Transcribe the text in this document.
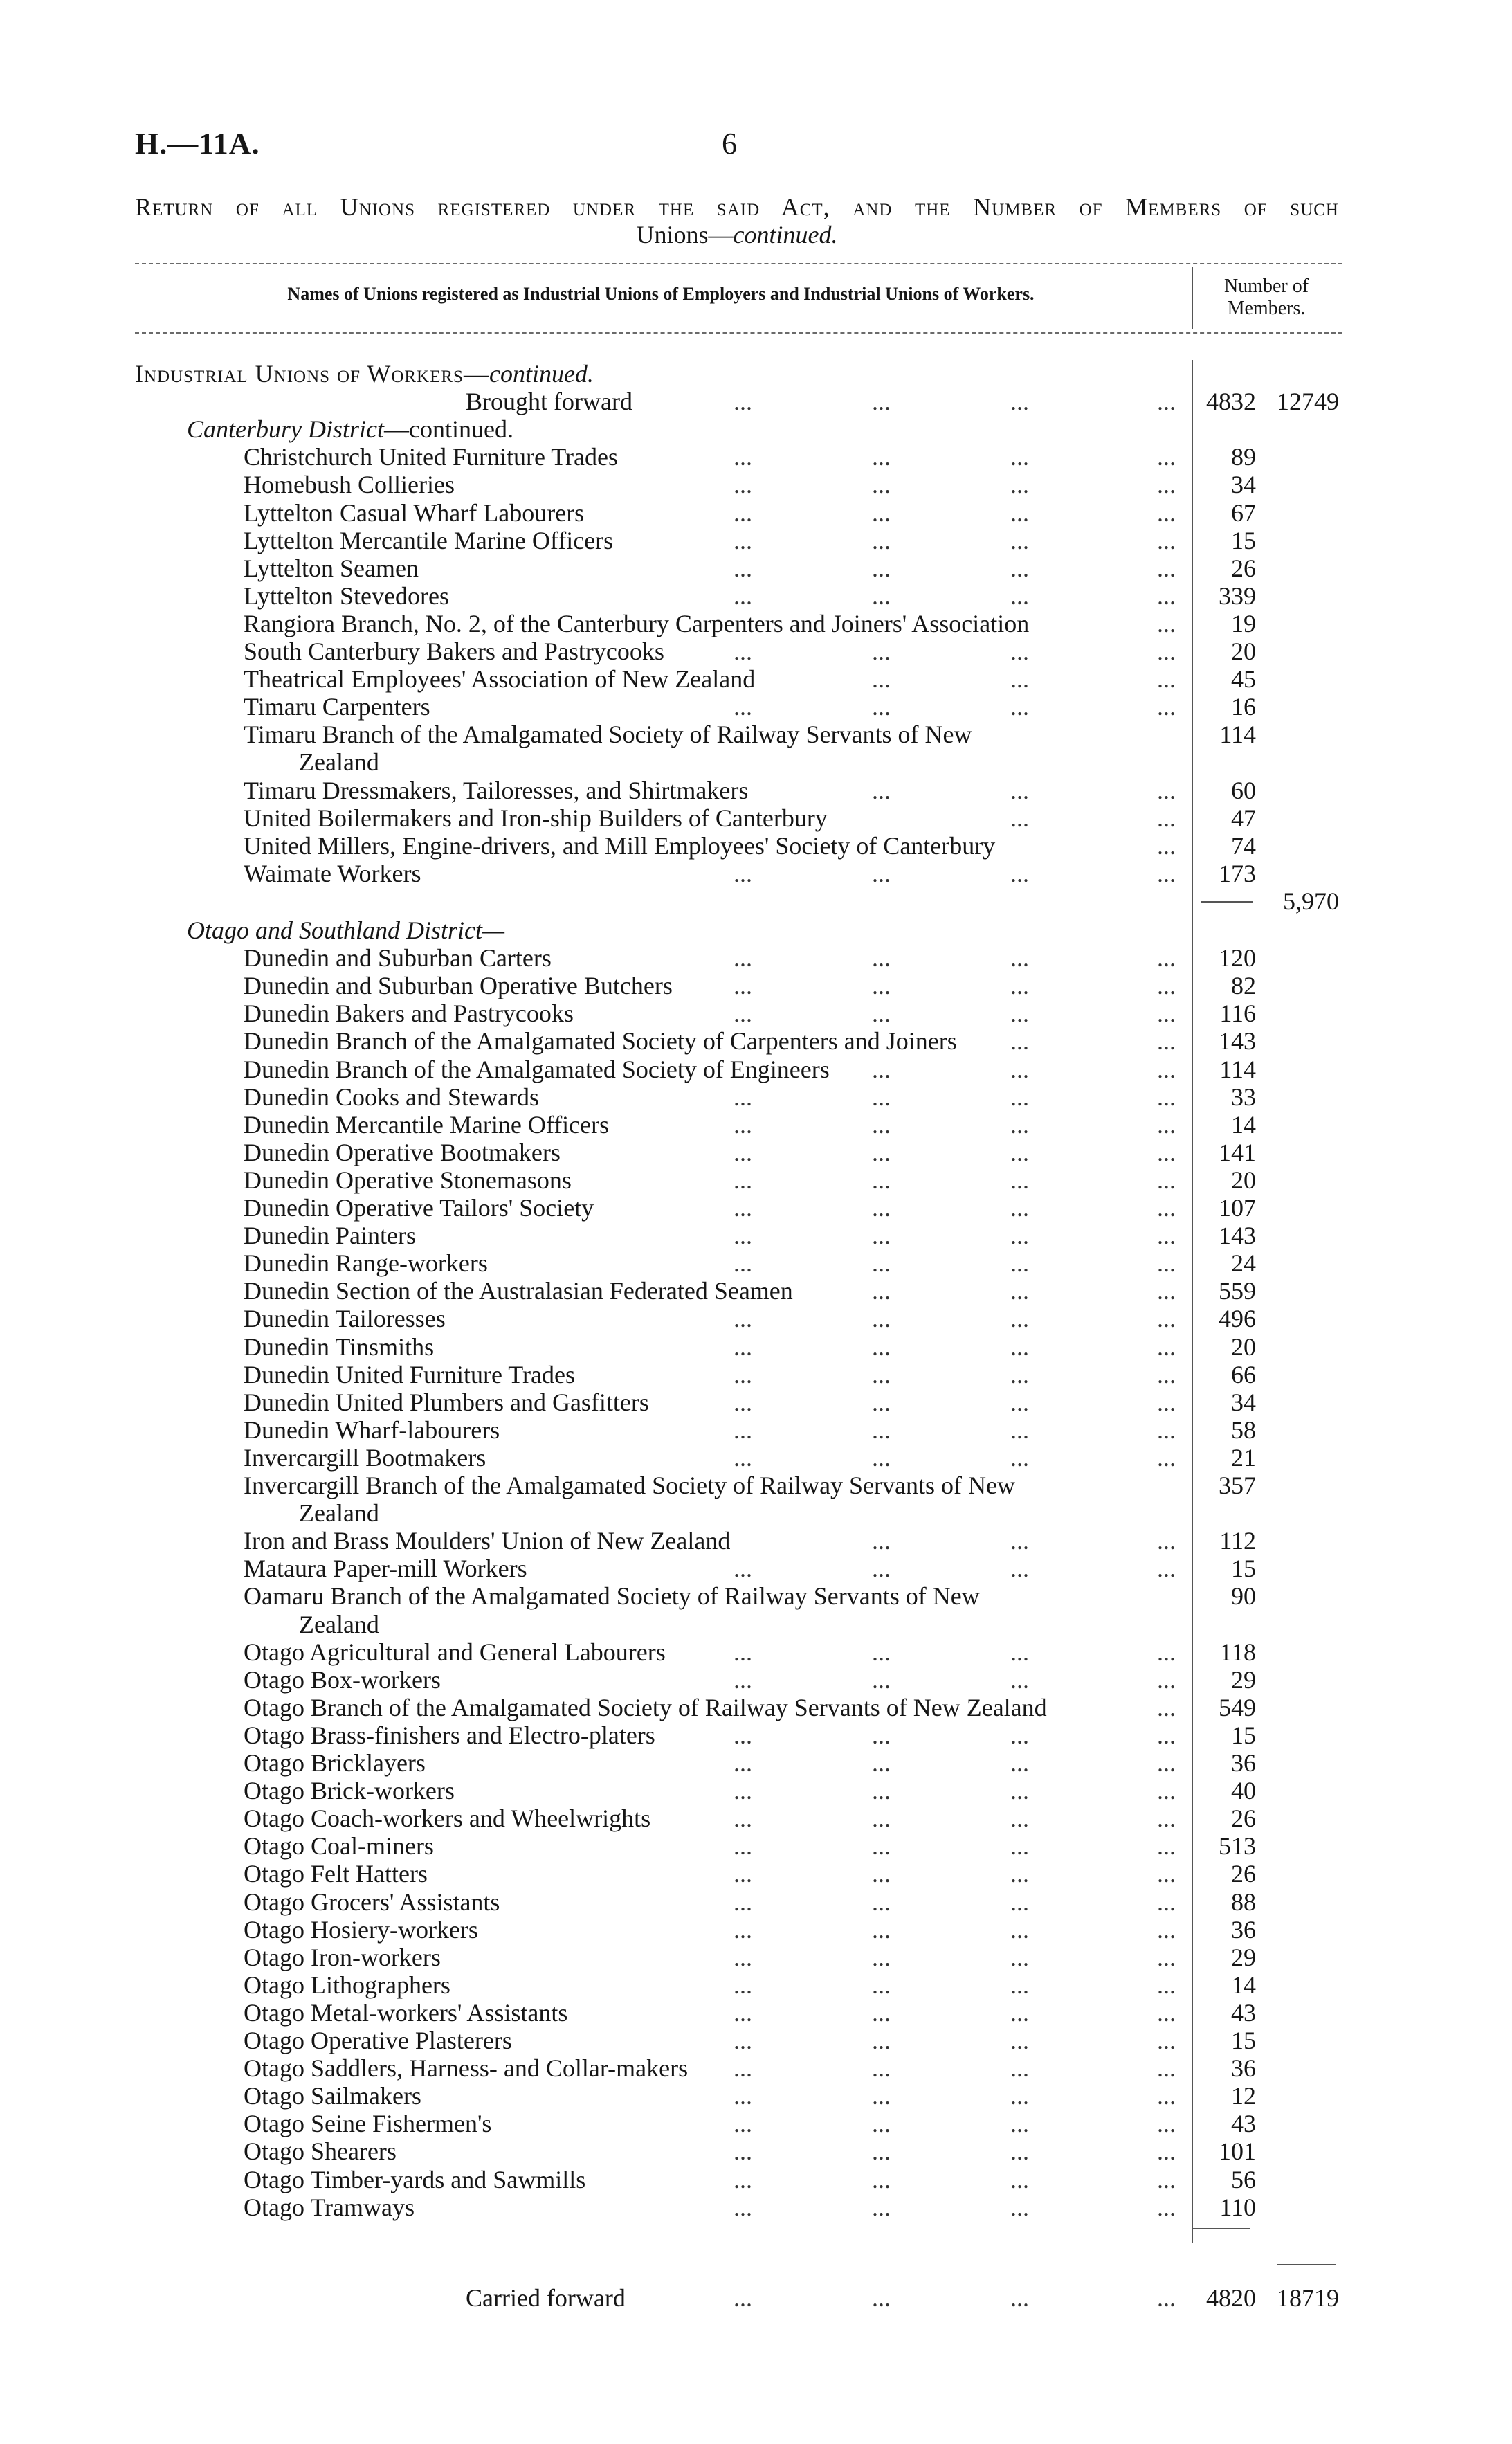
H.—11A.	6
Return of all Unions registered under the said Act, and the Number of Members of such
Unions—continued.
Names of Unions registered as Industrial Unions of Employers and Industrial Unions of Workers.	Number of
Members.
Industrial Unions of Workers—continued.
Brought forward	...	...	...	... 4832 12749
Canterbury District—continued.
Christchurch United Furniture Trades	...	...	...	...	89
Homebush Collieries	...	...	...	...	34
Lyttelton Casual Wharf Labourers	...	...	...	...	67
Lyttelton Mercantile Marine Officers	...	...	...	...	15
Lyttelton Seamen	...	...	...	...	26
Lyttelton Stevedores	...	...	...	...	339
Rangiora Branch, No. 2, of the Canterbury Carpenters and Joiners' Association	...	19
South Canterbury Bakers and Pastrycooks	...	...	...	...	20
Theatrical Employees' Association of New Zealand	...	...	...	45
Timaru Carpenters	...	...	...	...	16
Timaru Branch of the Amalgamated Society of Railway Servants of New	114
Zealand
Timaru Dressmakers, Tailoresses, and Shirtmakers	...	...	...	60
United Boilermakers and Iron-ship Builders of Canterbury	...	...	47
United Millers, Engine-drivers, and Mill Employees' Society of Canterbury	...	74
Waimate Workers	...	...	...	...	173
5,970
Otago and Southland District—
Dunedin and Suburban Carters	...	...	...	...	120
Dunedin and Suburban Operative Butchers ...	...	...	...	82
Dunedin Bakers and Pastrycooks	...	...	...	...	116
Dunedin Branch of the Amalgamated Society of Carpenters and Joiners ...	...	143
Dunedin Branch of the Amalgamated Society of Engineers ...	...	...	114
Dunedin Cooks and Stewards	...	...	...	...	33
Dunedin Mercantile Marine Officers	...	...	...	...	14
Dunedin Operative Bootmakers	...	...	...	...	141
Dunedin Operative Stonemasons	...	...	...	...	20
Dunedin Operative Tailors' Society	...	...	...	...	107
Dunedin Painters	...	...	...	...	143
Dunedin Range-workers	...	...	...	...	24
Dunedin Section of the Australasian Federated Seamen	...	...	...	559
Dunedin Tailoresses	...	...	...	...	496
Dunedin Tinsmiths	...	...	...	...	20
Dunedin United Furniture Trades	...	...	...	...	66
Dunedin United Plumbers and Gasfitters	...	...	...	...	34
Dunedin Wharf-labourers	...	...	...	...	58
Invercargill Bootmakers	...	...	...	...	21
Invercargill Branch of the Amalgamated Society of Railway Servants of New	357
Zealand
Iron and Brass Moulders' Union of New Zealand	...	...	...	112
Mataura Paper-mill Workers	...	...	...	...	15
Oamaru Branch of the Amalgamated Society of Railway Servants of New	90
Zealand
Otago Agricultural and General Labourers	...	...	...	...	118
Otago Box-workers	...	...	...	...	29
Otago Branch of the Amalgamated Society of Railway Servants of New Zealand	...	549
Otago Brass-finishers and Electro-platers	...	...	...	...	15
Otago Bricklayers	...	...	...	...	36
Otago Brick-workers	...	...	...	...	40
Otago Coach-workers and Wheelwrights	...	...	...	...	26
Otago Coal-miners	...	...	...	...	513
Otago Felt Hatters	...	...	...	...	26
Otago Grocers' Assistants	...	...	...	...	88
Otago Hosiery-workers	...	...	...	...	36
Otago Iron-workers	...	...	...	...	29
Otago Lithographers	...	...	...	...	14
Otago Metal-workers' Assistants	...	...	...	...	43
Otago Operative Plasterers	...	...	...	...	15
Otago Saddlers, Harness- and Collar-makers ...	...	...	...	36
Otago Sailmakers	...	...	...	...	12
Otago Seine Fishermen's	...	...	...	...	43
Otago Shearers	...	...	...	...	101
Otago Timber-yards and Sawmills	...	...	...	...	56
Otago Tramways	...	...	...	...	110
Carried forward	...	...	...	... 4820 18719
